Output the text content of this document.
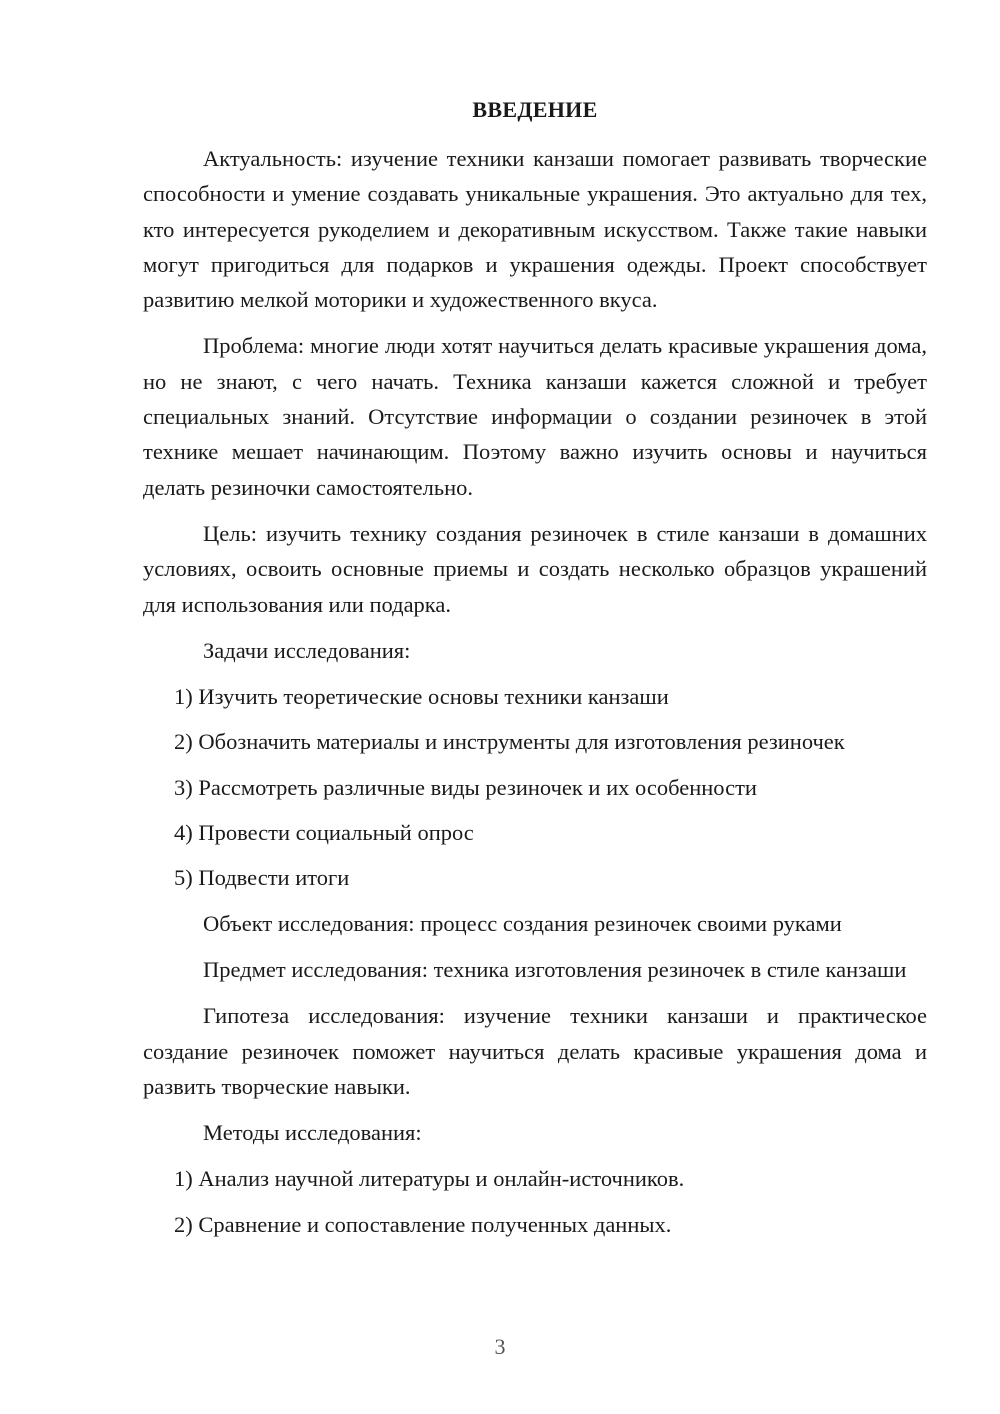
ВВЕДЕНИЕ

Актуальность: изучение техники канзаши помогает развивать творческие способности и умение создавать уникальные украшения. Это актуально для тех, кто интересуется рукоделием и декоративным искусством. Также такие навыки могут пригодиться для подарков и украшения одежды. Проект способствует развитию мелкой моторики и художественного вкуса.

Проблема: многие люди хотят научиться делать красивые украшения дома, но не знают, с чего начать. Техника канзаши кажется сложной и требует специальных знаний. Отсутствие информации о создании резиночек в этой технике мешает начинающим. Поэтому важно изучить основы и научиться делать резиночки самостоятельно.

Цель: изучить технику создания резиночек в стиле канзаши в домашних условиях, освоить основные приемы и создать несколько образцов украшений для использования или подарка.

Задачи исследования:

1) Изучить теоретические основы техники канзаши
2) Обозначить материалы и инструменты для изготовления резиночек
3) Рассмотреть различные виды резиночек и их особенности
4) Провести социальный опрос
5) Подвести итоги

Объект исследования: процесс создания резиночек своими руками

Предмет исследования: техника изготовления резиночек в стиле канзаши

Гипотеза исследования: изучение техники канзаши и практическое создание резиночек поможет научиться делать красивые украшения дома и развить творческие навыки.

Методы исследования:

1) Анализ научной литературы и онлайн-источников.
2) Сравнение и сопоставление полученных данных.
3
